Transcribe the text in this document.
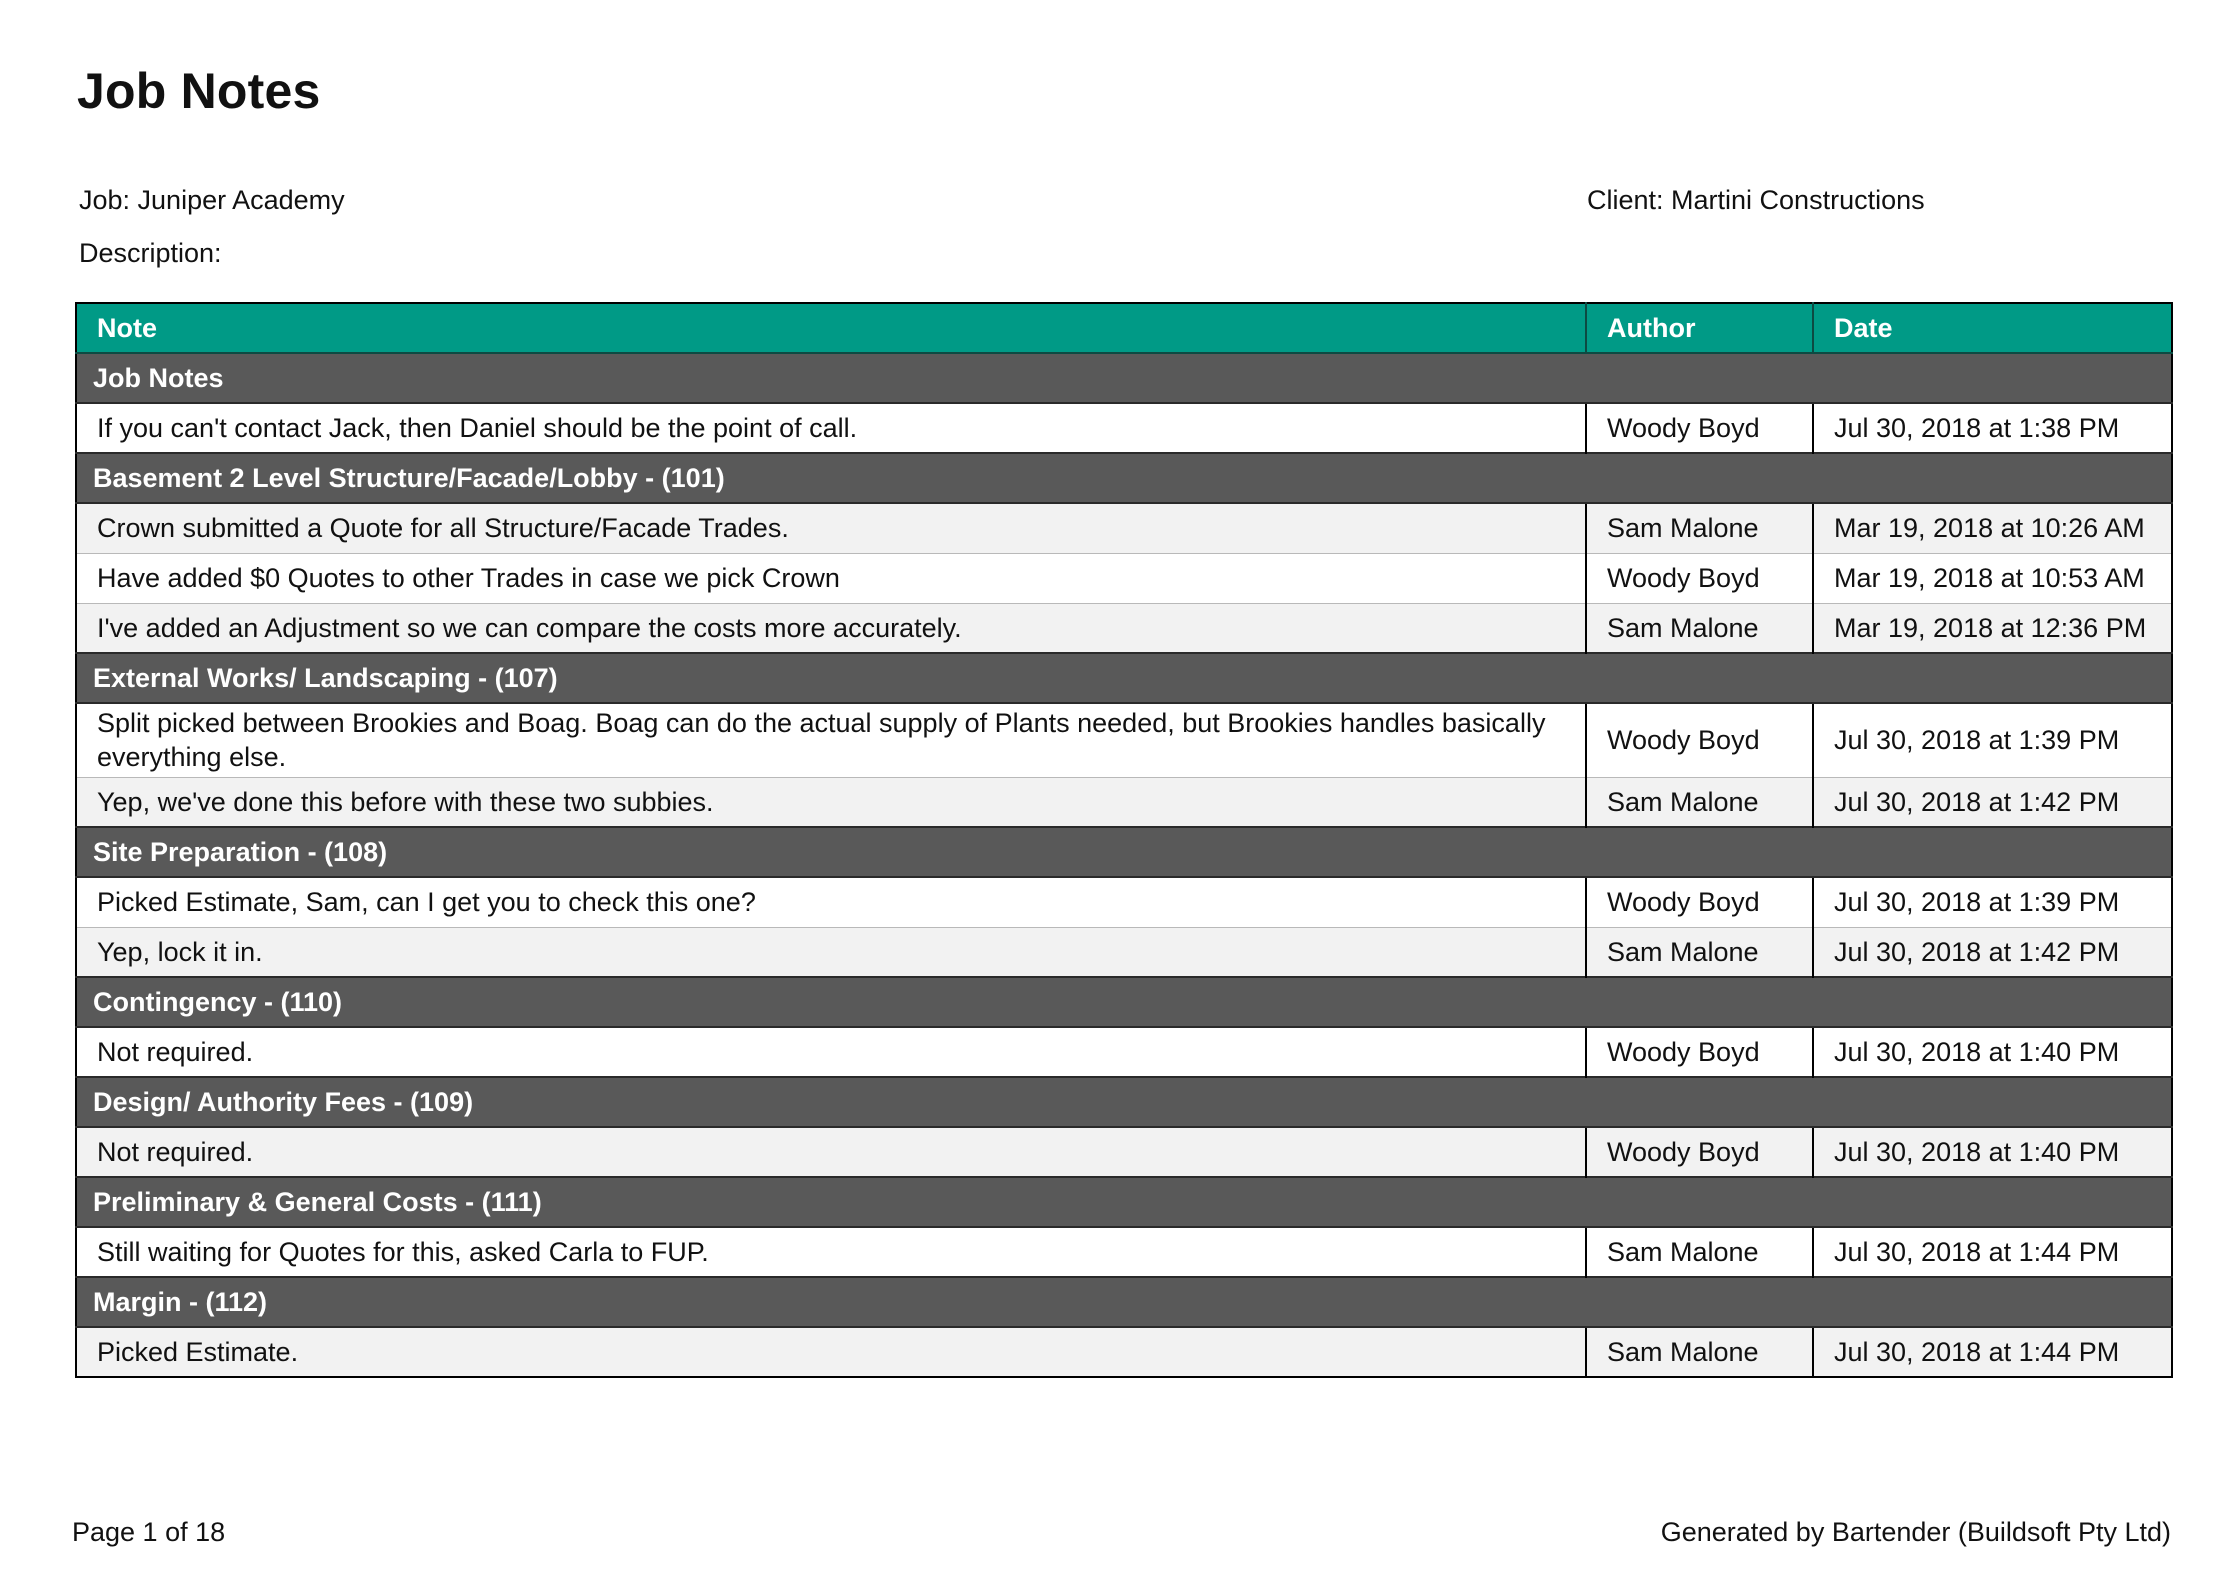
Job Notes
Job: Juniper Academy	Client: Martini Constructions
Description:
Note	Author	Date
Job Notes		
If you can't contact Jack, then Daniel should be the point of call.	Woody Boyd	Jul 30, 2018 at 1:38 PM
Basement 2 Level Structure/Facade/Lobby - (101)		
Crown submitted a Quote for all Structure/Facade Trades.	Sam Malone	Mar 19, 2018 at 10:26 AM
Have added $0 Quotes to other Trades in case we pick Crown	Woody Boyd	Mar 19, 2018 at 10:53 AM
I've added an Adjustment so we can compare the costs more accurately.	Sam Malone	Mar 19, 2018 at 12:36 PM
External Works/ Landscaping - (107)		
Split picked between Brookies and Boag. Boag can do the actual supply of Plants needed, but Brookies handles basically everything else.	Woody Boyd	Jul 30, 2018 at 1:39 PM
Yep, we've done this before with these two subbies.	Sam Malone	Jul 30, 2018 at 1:42 PM
Site Preparation - (108)		
Picked Estimate, Sam, can I get you to check this one?	Woody Boyd	Jul 30, 2018 at 1:39 PM
Yep, lock it in.	Sam Malone	Jul 30, 2018 at 1:42 PM
Contingency - (110)		
Not required.	Woody Boyd	Jul 30, 2018 at 1:40 PM
Design/ Authority Fees - (109)		
Not required.	Woody Boyd	Jul 30, 2018 at 1:40 PM
Preliminary & General Costs - (111)		
Still waiting for Quotes for this, asked Carla to FUP.	Sam Malone	Jul 30, 2018 at 1:44 PM
Margin - (112)		
Picked Estimate.	Sam Malone	Jul 30, 2018 at 1:44 PM
Page 1 of 18	Generated by Bartender (Buildsoft Pty Ltd)
